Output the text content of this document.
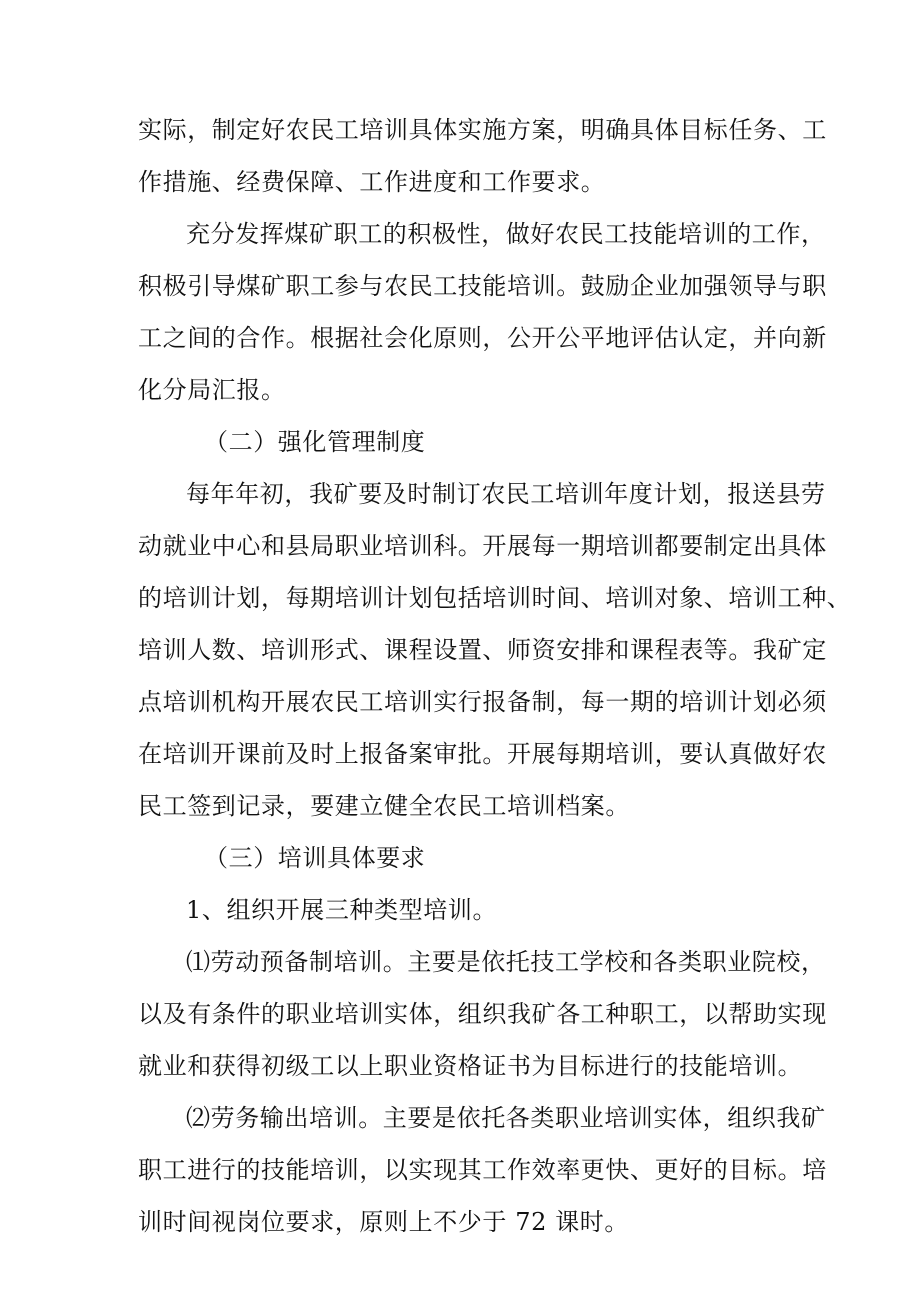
实际，制定好农民工培训具体实施方案，明确具体目标任务、工
作措施、经费保障、工作进度和工作要求。
充分发挥煤矿职工的积极性，做好农民工技能培训的工作，
积极引导煤矿职工参与农民工技能培训。鼓励企业加强领导与职
工之间的合作。根据社会化原则，公开公平地评估认定，并向新
化分局汇报。
（二）强化管理制度
每年年初，我矿要及时制订农民工培训年度计划，报送县劳
动就业中心和县局职业培训科。开展每一期培训都要制定出具体
的培训计划，每期培训计划包括培训时间、培训对象、培训工种、
培训人数、培训形式、课程设置、师资安排和课程表等。我矿定
点培训机构开展农民工培训实行报备制，每一期的培训计划必须
在培训开课前及时上报备案审批。开展每期培训，要认真做好农
民工签到记录，要建立健全农民工培训档案。
（三）培训具体要求
1、组织开展三种类型培训。
⑴劳动预备制培训。主要是依托技工学校和各类职业院校，
以及有条件的职业培训实体，组织我矿各工种职工，以帮助实现
就业和获得初级工以上职业资格证书为目标进行的技能培训。
⑵劳务输出培训。主要是依托各类职业培训实体，组织我矿
职工进行的技能培训，以实现其工作效率更快、更好的目标。培
训时间视岗位要求，原则上不少于 72 课时。
